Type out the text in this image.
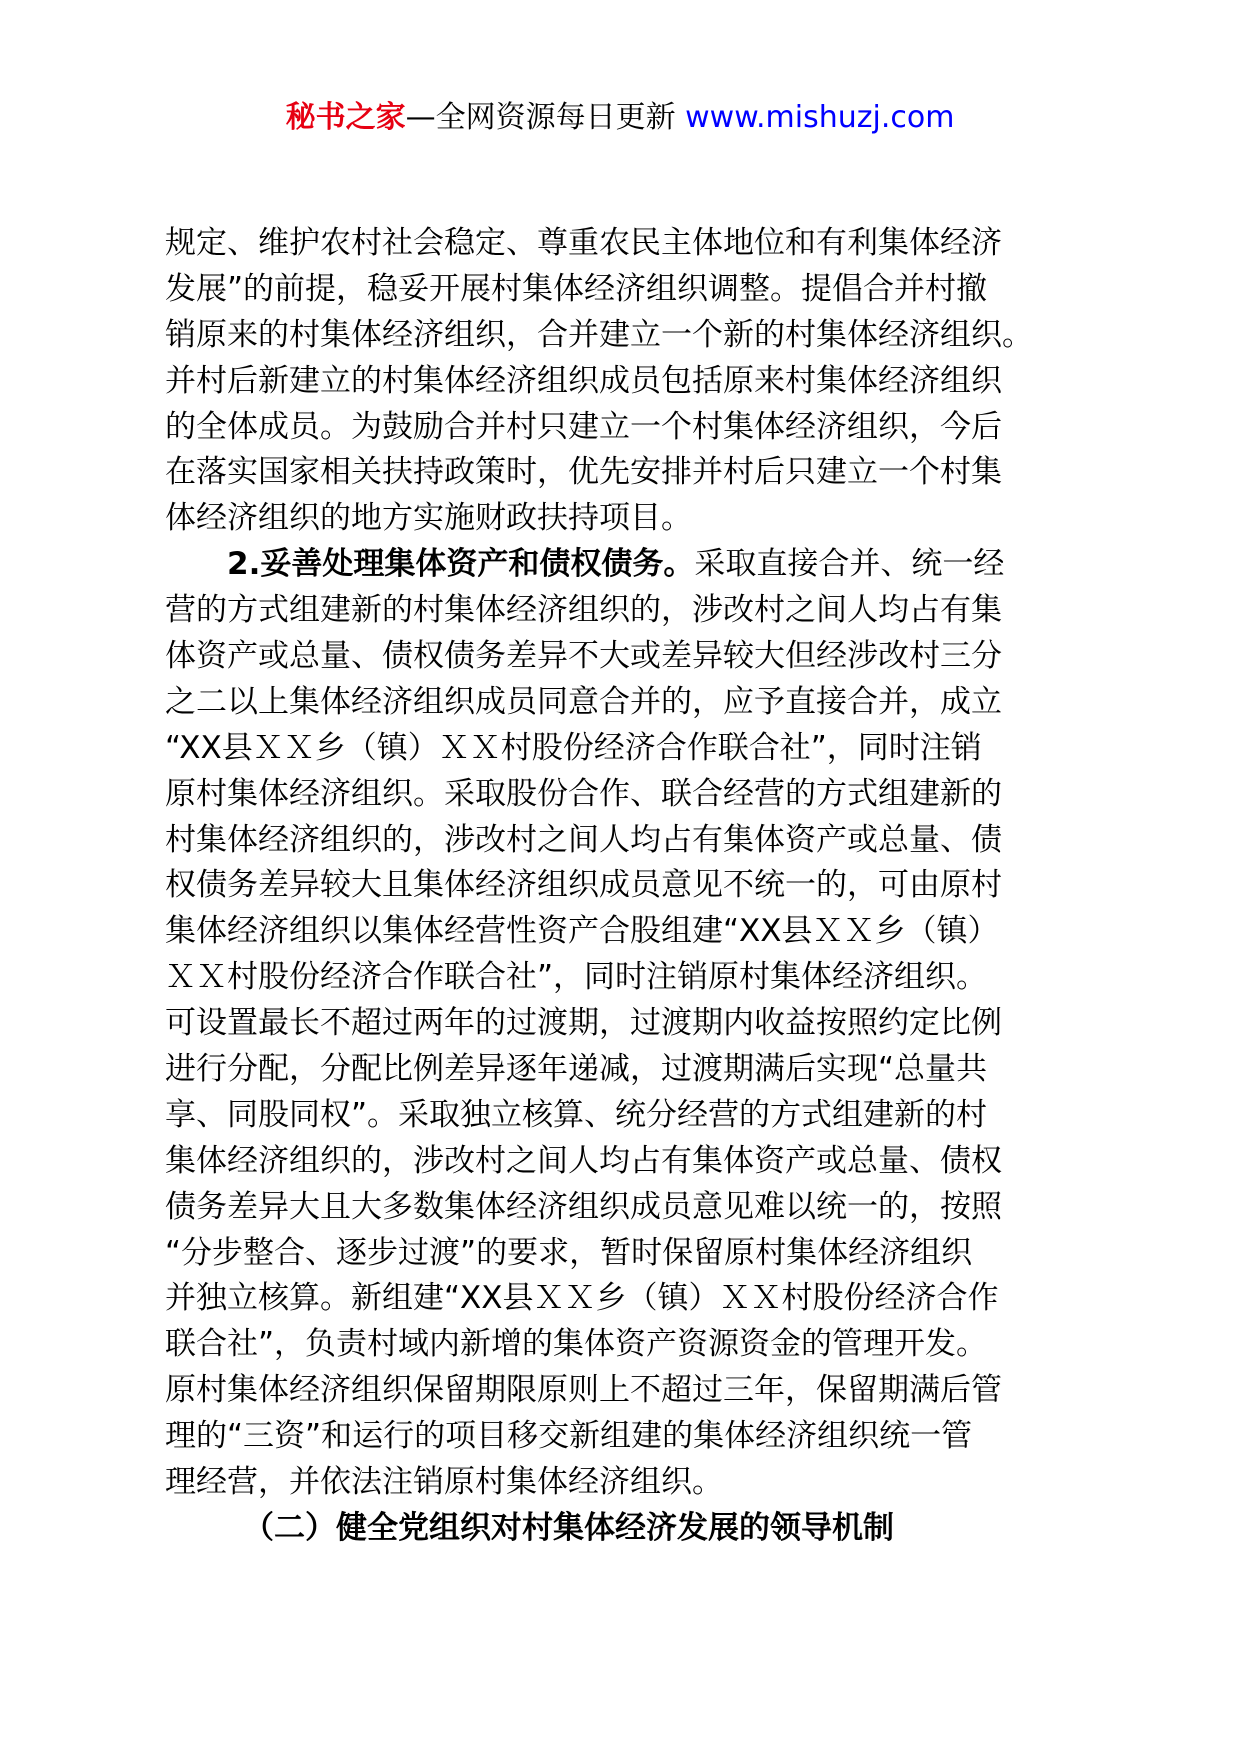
秘书之家—全网资源每日更新 www.mishuzj.com
规定、维护农村社会稳定、尊重农民主体地位和有利集体经济
发展”的前提，稳妥开展村集体经济组织调整。提倡合并村撤
销原来的村集体经济组织，合并建立一个新的村集体经济组织。
并村后新建立的村集体经济组织成员包括原来村集体经济组织
的全体成员。为鼓励合并村只建立一个村集体经济组织，今后
在落实国家相关扶持政策时，优先安排并村后只建立一个村集
体经济组织的地方实施财政扶持项目。
2.妥善处理集体资产和债权债务。采取直接合并、统一经
营的方式组建新的村集体经济组织的，涉改村之间人均占有集
体资产或总量、债权债务差异不大或差异较大但经涉改村三分
之二以上集体经济组织成员同意合并的，应予直接合并，成立
“XX县ＸＸ乡（镇）ＸＸ村股份经济合作联合社”，同时注销
原村集体经济组织。采取股份合作、联合经营的方式组建新的
村集体经济组织的，涉改村之间人均占有集体资产或总量、债
权债务差异较大且集体经济组织成员意见不统一的，可由原村
集体经济组织以集体经营性资产合股组建“XX县ＸＸ乡（镇）
ＸＸ村股份经济合作联合社”，同时注销原村集体经济组织。
可设置最长不超过两年的过渡期，过渡期内收益按照约定比例
进行分配，分配比例差异逐年递减，过渡期满后实现“总量共
享、同股同权”。采取独立核算、统分经营的方式组建新的村
集体经济组织的，涉改村之间人均占有集体资产或总量、债权
债务差异大且大多数集体经济组织成员意见难以统一的，按照
“分步整合、逐步过渡”的要求，暂时保留原村集体经济组织
并独立核算。新组建“XX县ＸＸ乡（镇）ＸＸ村股份经济合作
联合社”，负责村域内新增的集体资产资源资金的管理开发。
原村集体经济组织保留期限原则上不超过三年，保留期满后管
理的“三资”和运行的项目移交新组建的集体经济组织统一管
理经营，并依法注销原村集体经济组织。
（二）健全党组织对村集体经济发展的领导机制
